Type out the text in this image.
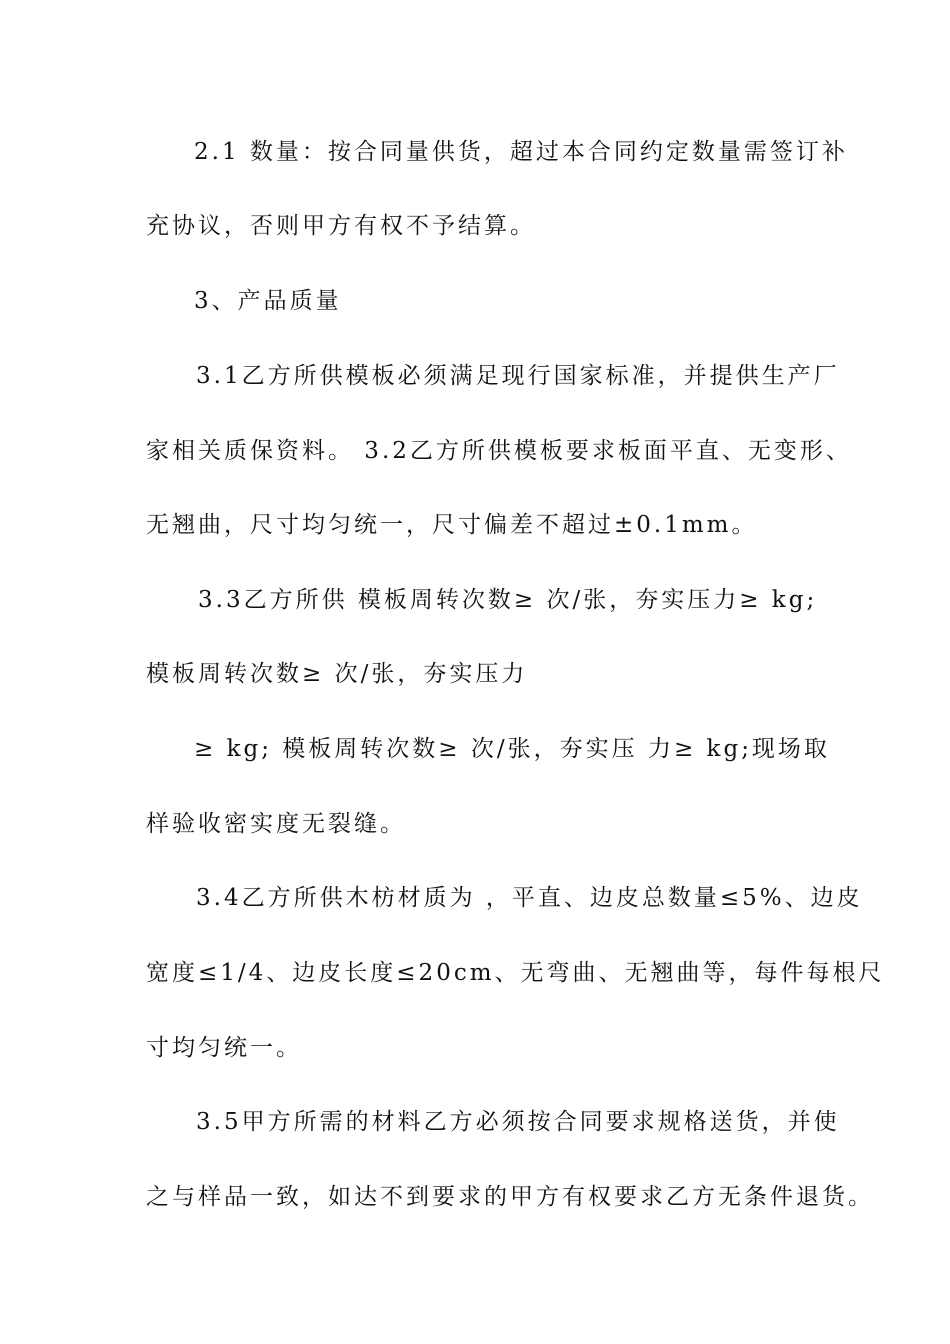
2.1 数量：按合同量供货，超过本合同约定数量需签订补
充协议，否则甲方有权不予结算。
3、产品质量
3.1乙方所供模板必须满足现行国家标准，并提供生产厂
家相关质保资料。 3.2乙方所供模板要求板面平直、无变形、
无翘曲，尺寸均匀统一，尺寸偏差不超过±0.1mm。
3.3乙方所供 模板周转次数≥ 次/张，夯实压力≥ kg;
模板周转次数≥ 次/张，夯实压力
≥ kg; 模板周转次数≥ 次/张，夯实压 力≥ kg;现场取
样验收密实度无裂缝。
3.4乙方所供木枋材质为 ，平直、边皮总数量≤5%、边皮
宽度≤1/4、边皮长度≤20cm、无弯曲、无翘曲等，每件每根尺
寸均匀统一。
3.5甲方所需的材料乙方必须按合同要求规格送货，并使
之与样品一致，如达不到要求的甲方有权要求乙方无条件退货。
